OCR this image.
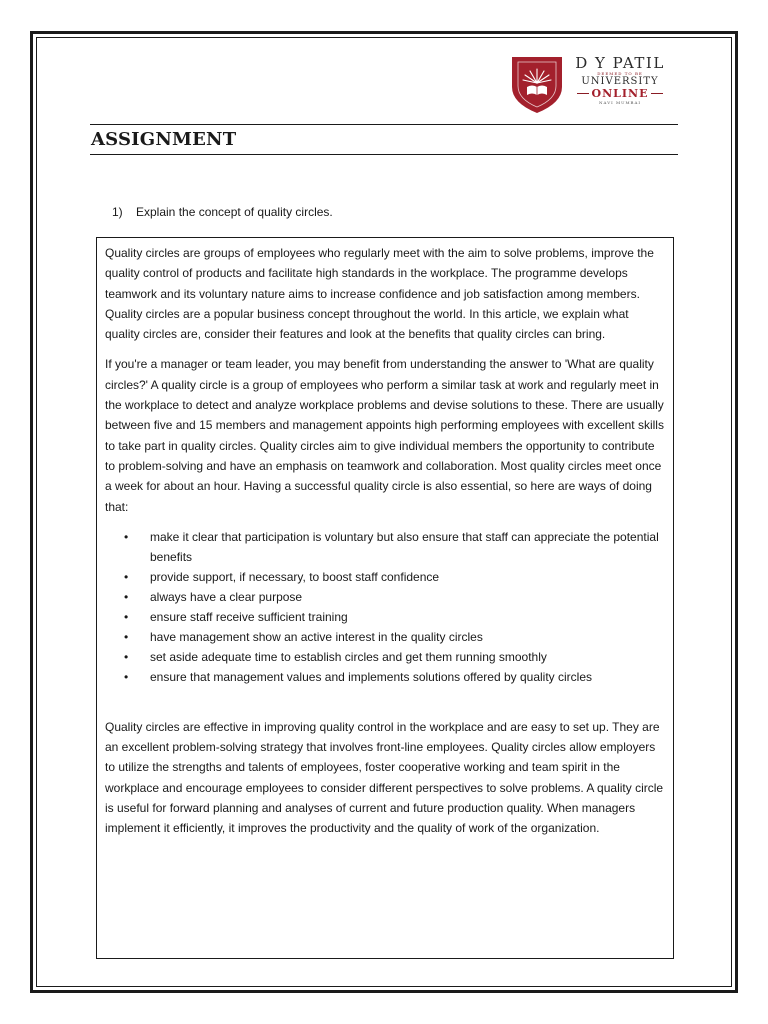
D Y PATIL
DEEMED TO BE
UNIVERSITY
ONLINE
NAVI MUMBAI
ASSIGNMENT

1) Explain the concept of quality circles.

Quality circles are groups of employees who regularly meet with the aim to solve problems, improve the quality control of products and facilitate high standards in the workplace. The programme develops teamwork and its voluntary nature aims to increase confidence and job satisfaction among members. Quality circles are a popular business concept throughout the world. In this article, we explain what quality circles are, consider their features and look at the benefits that quality circles can bring.

If you're a manager or team leader, you may benefit from understanding the answer to 'What are quality circles?' A quality circle is a group of employees who perform a similar task at work and regularly meet in the workplace to detect and analyze workplace problems and devise solutions to these. There are usually between five and 15 members and management appoints high performing employees with excellent skills to take part in quality circles. Quality circles aim to give individual members the opportunity to contribute to problem-solving and have an emphasis on teamwork and collaboration. Most quality circles meet once a week for about an hour. Having a successful quality circle is also essential, so here are ways of doing that:

• make it clear that participation is voluntary but also ensure that staff can appreciate the potential benefits
• provide support, if necessary, to boost staff confidence
• always have a clear purpose
• ensure staff receive sufficient training
• have management show an active interest in the quality circles
• set aside adequate time to establish circles and get them running smoothly
• ensure that management values and implements solutions offered by quality circles

Quality circles are effective in improving quality control in the workplace and are easy to set up. They are an excellent problem-solving strategy that involves front-line employees. Quality circles allow employers to utilize the strengths and talents of employees, foster cooperative working and team spirit in the workplace and encourage employees to consider different perspectives to solve problems. A quality circle is useful for forward planning and analyses of current and future production quality. When managers implement it efficiently, it improves the productivity and the quality of work of the organization.
